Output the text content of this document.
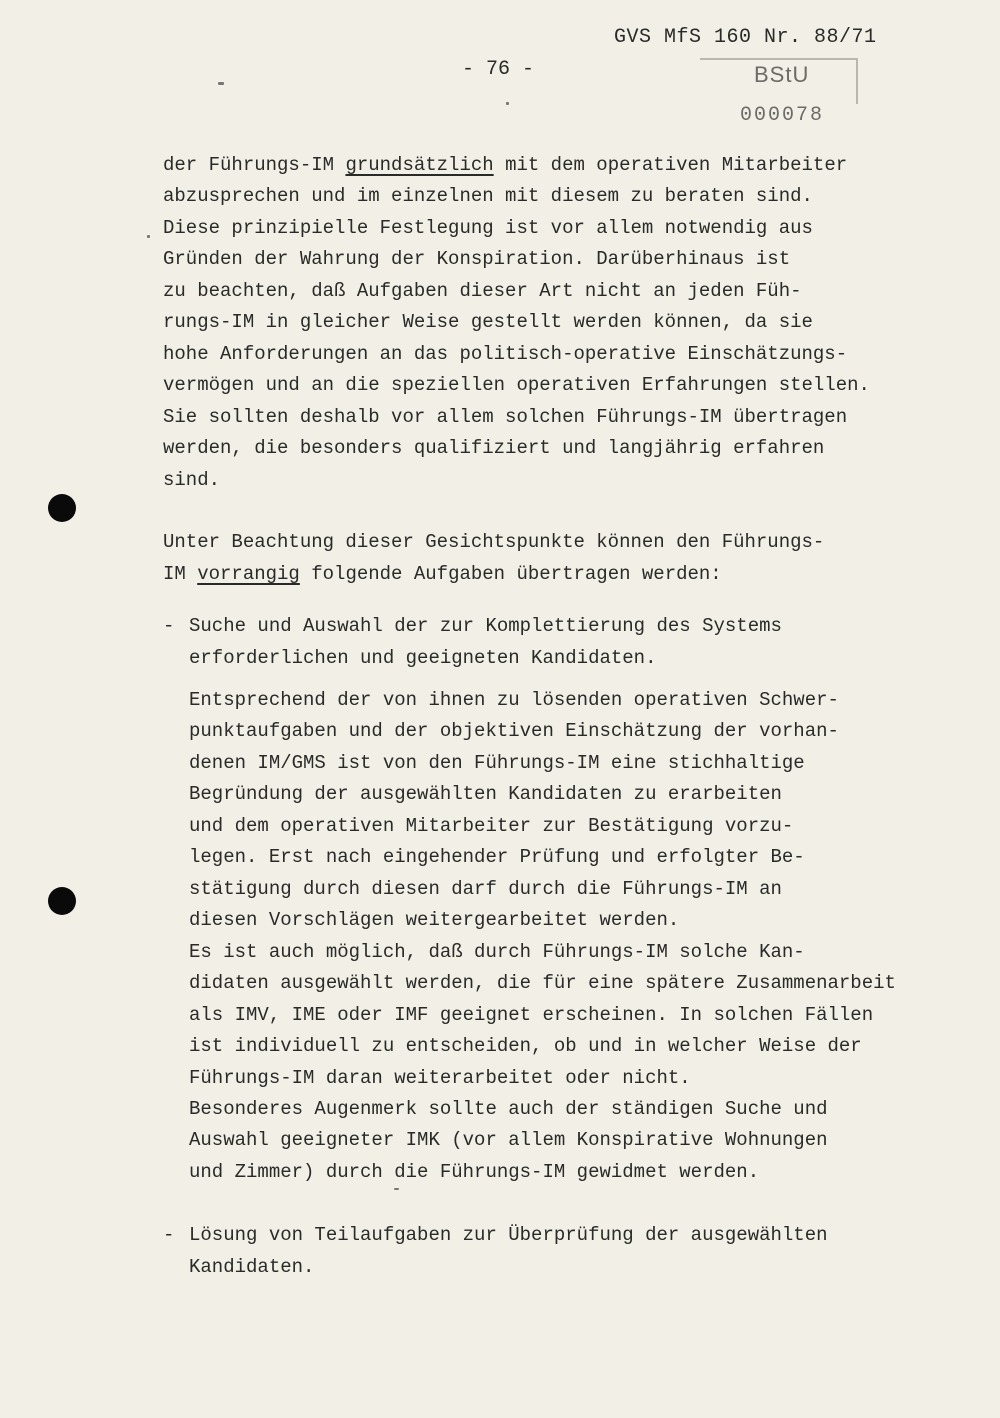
GVS MfS 160 Nr. 88/71
- 76 -	BStU
000078
der Führungs-IM grundsätzlich mit dem operativen Mitarbeiter
abzusprechen und im einzelnen mit diesem zu beraten sind.
Diese prinzipielle Festlegung ist vor allem notwendig aus
Gründen der Wahrung der Konspiration. Darüberhinaus ist
zu beachten, daß Aufgaben dieser Art nicht an jeden Füh-
rungs-IM in gleicher Weise gestellt werden können, da sie
hohe Anforderungen an das politisch-operative Einschätzungs-
vermögen und an die speziellen operativen Erfahrungen stellen.
Sie sollten deshalb vor allem solchen Führungs-IM übertragen
werden, die besonders qualifiziert und langjährig erfahren
sind.
Unter Beachtung dieser Gesichtspunkte können den Führungs-
IM vorrangig folgende Aufgaben übertragen werden:
- Suche und Auswahl der zur Komplettierung des Systems
erforderlichen und geeigneten Kandidaten.
Entsprechend der von ihnen zu lösenden operativen Schwer-
punktaufgaben und der objektiven Einschätzung der vorhan-
denen IM/GMS ist von den Führungs-IM eine stichhaltige
Begründung der ausgewählten Kandidaten zu erarbeiten
und dem operativen Mitarbeiter zur Bestätigung vorzu-
legen. Erst nach eingehender Prüfung und erfolgter Be-
stätigung durch diesen darf durch die Führungs-IM an
diesen Vorschlägen weitergearbeitet werden.
Es ist auch möglich, daß durch Führungs-IM solche Kan-
didaten ausgewählt werden, die für eine spätere Zusammenarbeit
als IMV, IME oder IMF geeignet erscheinen. In solchen Fällen
ist individuell zu entscheiden, ob und in welcher Weise der
Führungs-IM daran weiterarbeitet oder nicht.
Besonderes Augenmerk sollte auch der ständigen Suche und
Auswahl geeigneter IMK (vor allem Konspirative Wohnungen
und Zimmer) durch die Führungs-IM gewidmet werden.
- Lösung von Teilaufgaben zur Überprüfung der ausgewählten
Kandidaten.
